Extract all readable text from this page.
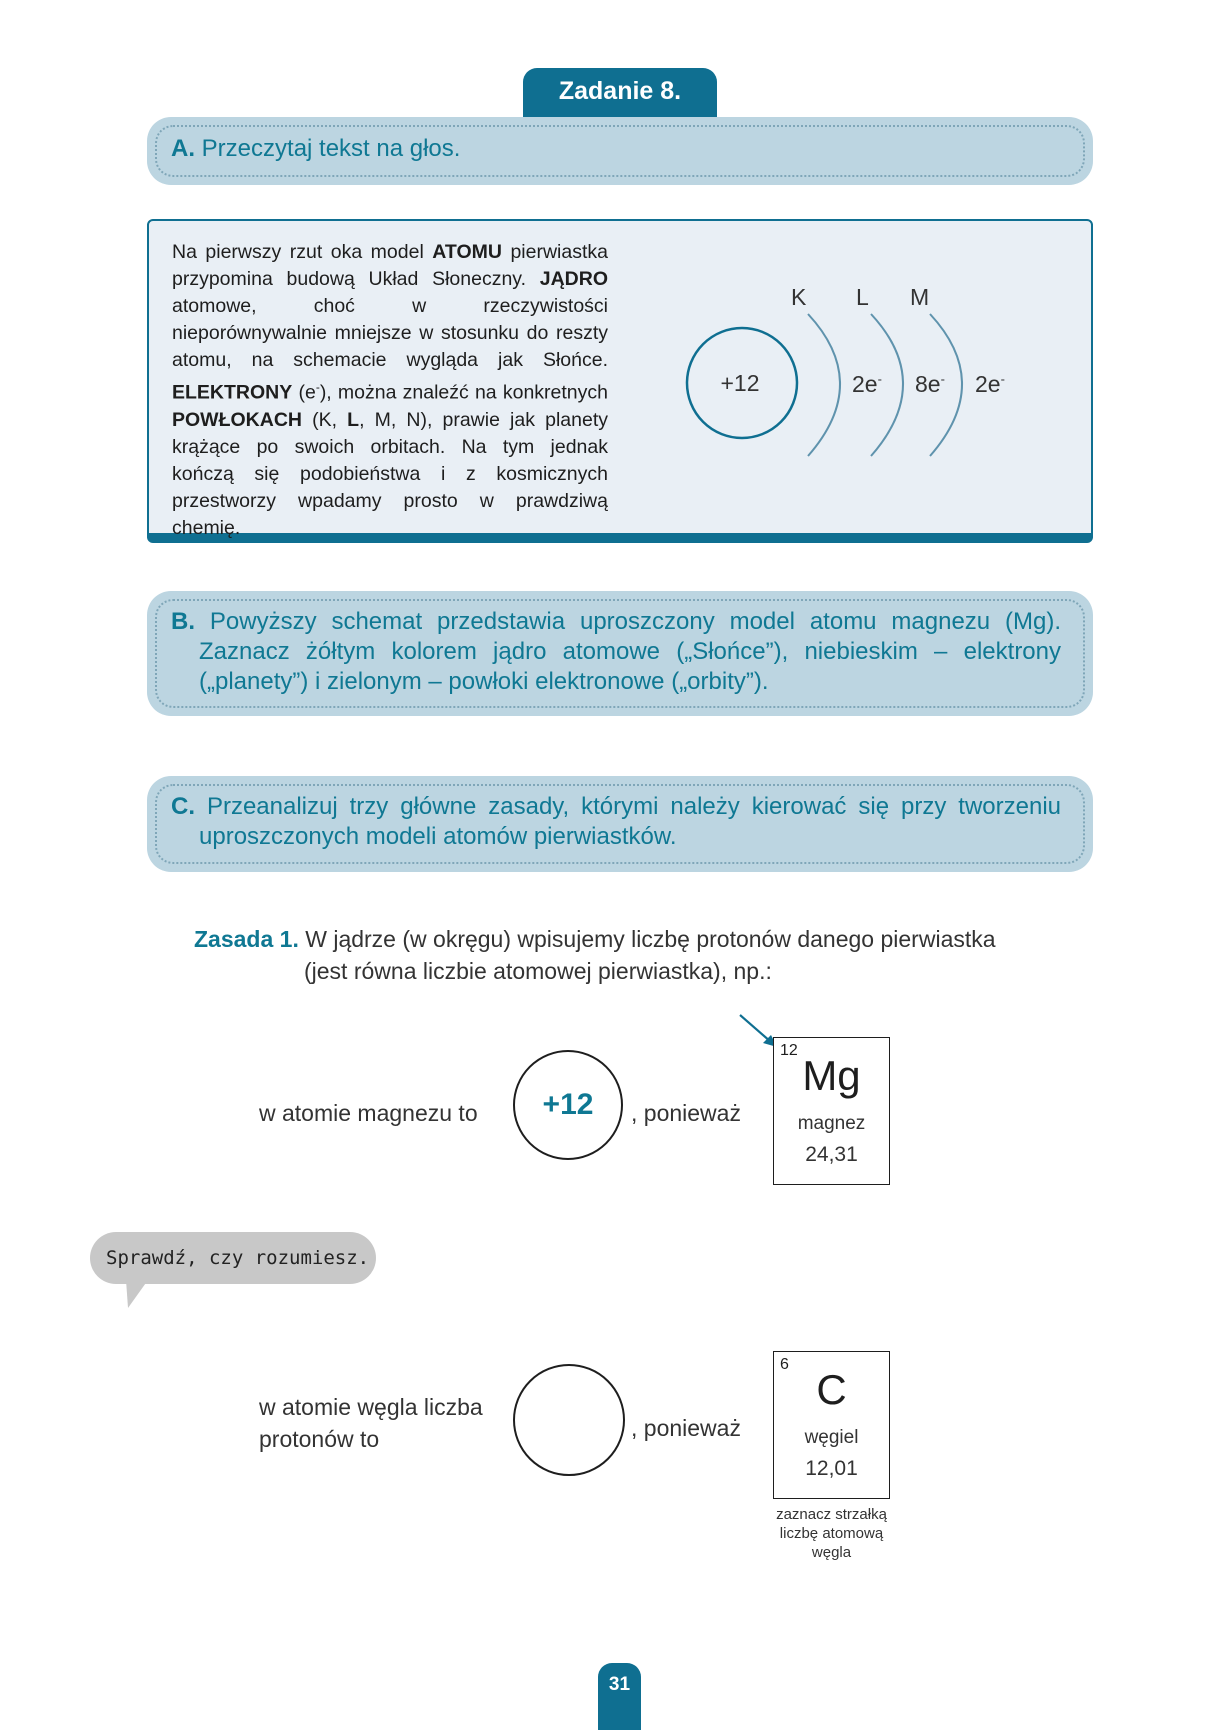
Zadanie 8.
A. Przeczytaj tekst na głos.
Na pierwszy rzut oka model ATOMU pierwiastka przypomina budową Układ Słoneczny. JĄDRO atomowe, choć w rzeczywistości nieporównywalnie mniejsze w stosunku do reszty atomu, na schemacie wygląda jak Słońce. ELEKTRONY (e-), można znaleźć na konkretnych POWŁOKACH (K, L, M, N), prawie jak planety krążące po swoich orbitach. Na tym jednak kończą się podobieństwa i z kosmicznych przestworzy wpadamy prosto w prawdziwą chemię.
+12
K L M
2e- 8e- 2e-
B. Powyższy schemat przedstawia uproszczony model atomu magnezu (Mg).
Zaznacz żółtym kolorem jądro atomowe („Słońce”), niebieskim – elektrony
(„planety”) i zielonym – powłoki elektronowe („orbity”).
C. Przeanalizuj trzy główne zasady, którymi należy kierować się przy tworzeniu
uproszczonych modeli atomów pierwiastków.
Zasada 1. W jądrze (w okręgu) wpisujemy liczbę protonów danego pierwiastka
(jest równa liczbie atomowej pierwiastka), np.:
w atomie magnezu to	+12	, ponieważ
12
Mg
magnez
24,31
Sprawdź, czy rozumiesz.
w atomie węgla liczba
protonów to	, ponieważ
6
C
węgiel
12,01
zaznacz strzałką
liczbę atomową
węgla
31
